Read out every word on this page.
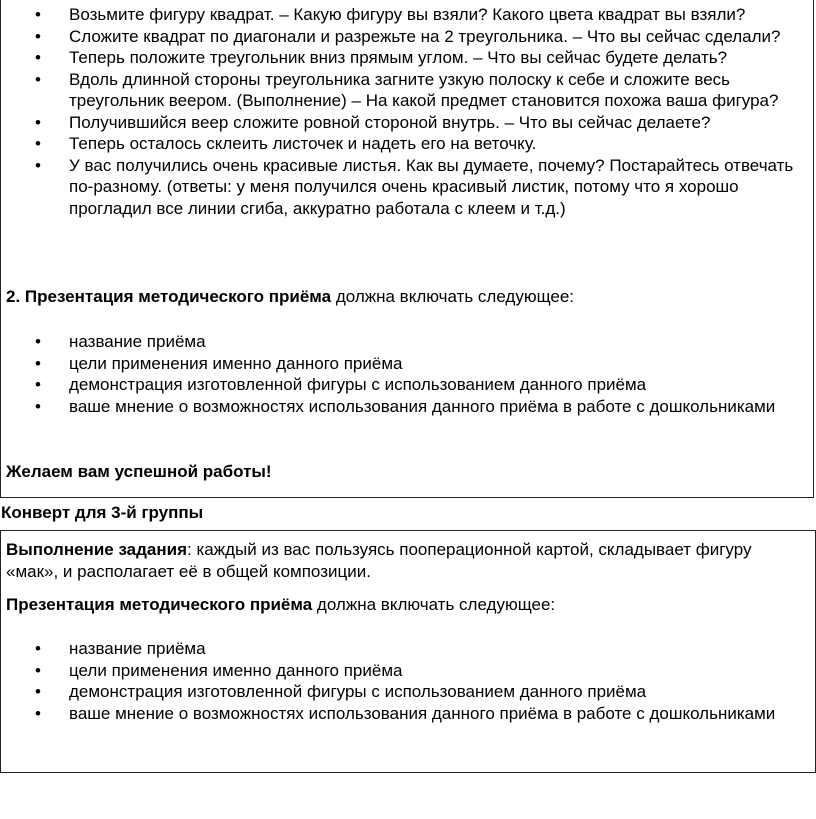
• Возьмите фигуру квадрат. – Какую фигуру вы взяли? Какого цвета квадрат вы взяли?
• Сложите квадрат по диагонали и разрежьте на 2 треугольника. – Что вы сейчас сделали?
• Теперь положите треугольник вниз прямым углом. – Что вы сейчас будете делать?
• Вдоль длинной стороны треугольника загните узкую полоску к себе и сложите весь треугольник веером. (Выполнение) – На какой предмет становится похожа ваша фигура?
• Получившийся веер сложите ровной стороной внутрь. – Что вы сейчас делаете?
• Теперь осталось склеить листочек и надеть его на веточку.
• У вас получились очень красивые листья. Как вы думаете, почему? Постарайтесь отвечать по-разному. (ответы: у меня получился очень красивый листик, потому что я хорошо прогладил все линии сгиба, аккуратно работала с клеем и т.д.)

2. Презентация методического приёма должна включать следующее:

• название приёма
• цели применения именно данного приёма
• демонстрация изготовленной фигуры с использованием данного приёма
• ваше мнение о возможностях использования данного приёма в работе с дошкольниками

Желаем вам успешной работы!

Конверт для 3-й группы

Выполнение задания: каждый из вас пользуясь пооперационной картой, складывает фигуру «мак», и располагает её в общей композиции.

Презентация методического приёма должна включать следующее:

• название приёма
• цели применения именно данного приёма
• демонстрация изготовленной фигуры с использованием данного приёма
• ваше мнение о возможностях использования данного приёма в работе с дошкольниками
